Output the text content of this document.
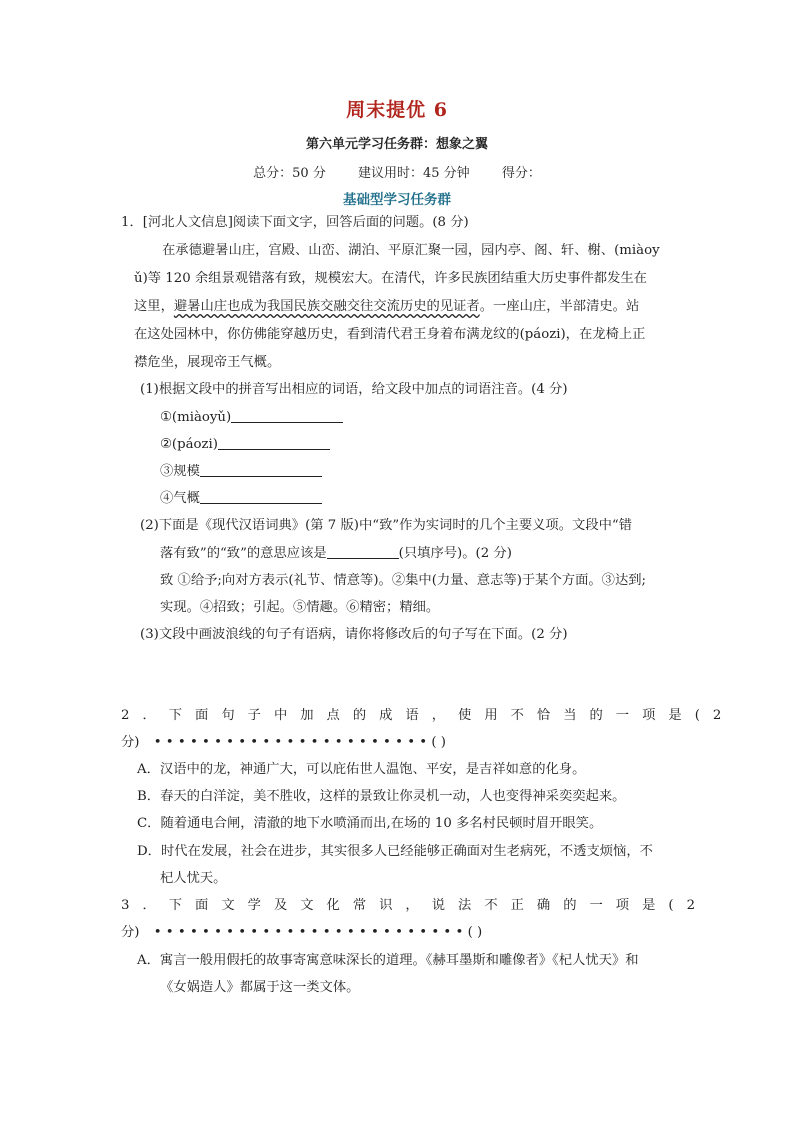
周末提优 6
第六单元学习任务群：想象之翼
总分：50 分 建议用时：45 分钟 得分：
基础型学习任务群
1．[河北人文信息]阅读下面文字，回答后面的问题。(8 分)
在承德避暑山庄，宫殿、山峦、湖泊、平原汇聚一园，园内亭、阁、轩、榭、(miàoy
ǔ)等 120 余组景观错落有致，规模宏大。在清代，许多民族团结重大历史事件都发生在
这里，避暑山庄也成为我国民族交融交往交流历史的见证者。一座山庄，半部清史。站
在这处园林中，你仿佛能穿越历史，看到清代君王身着布满龙纹的(páozi)，在龙椅上正
襟危坐，展现帝王气概。
(1)根据文段中的拼音写出相应的词语，给文段中加点的词语注音。(4 分)
①(miàoyǔ)
②(páozi)
③规模
④气概
(2)下面是《现代汉语词典》(第 7 版)中“致”作为实词时的几个主要义项。文段中“错
落有致”的“致”的意思应该是	(只填序号)。(2 分)
致 ①给予;向对方表示(礼节、情意等)。②集中(力量、意志等)于某个方面。③达到;
实现。④招致；引起。⑤情趣。⑥精密；精细。
(3)文段中画波浪线的句子有语病，请你将修改后的句子写在下面。(2 分)
2．下面句子中加点的成语，使用不恰当的一项是(2
分) • • • • • • • • • • • • • • • • • • • • • • • ( )
A．汉语中的龙，神通广大，可以庇佑世人温饱、平安，是吉祥如意的化身。
B．春天的白洋淀，美不胜收，这样的景致让你灵机一动，人也变得神采奕奕起来。
C．随着通电合闸，清澈的地下水喷涌而出,在场的 10 多名村民顿时眉开眼笑。
D．时代在发展，社会在进步，其实很多人已经能够正确面对生老病死，不透支烦恼，不
杞人忧天。
3．下面文学及文化常识，说法不正确的一项是(2
分) • • • • • • • • • • • • • • • • • • • • • • • • • • ( )
A．寓言一般用假托的故事寄寓意味深长的道理。《赫耳墨斯和雕像者》《杞人忧天》和
《女娲造人》都属于这一类文体。
